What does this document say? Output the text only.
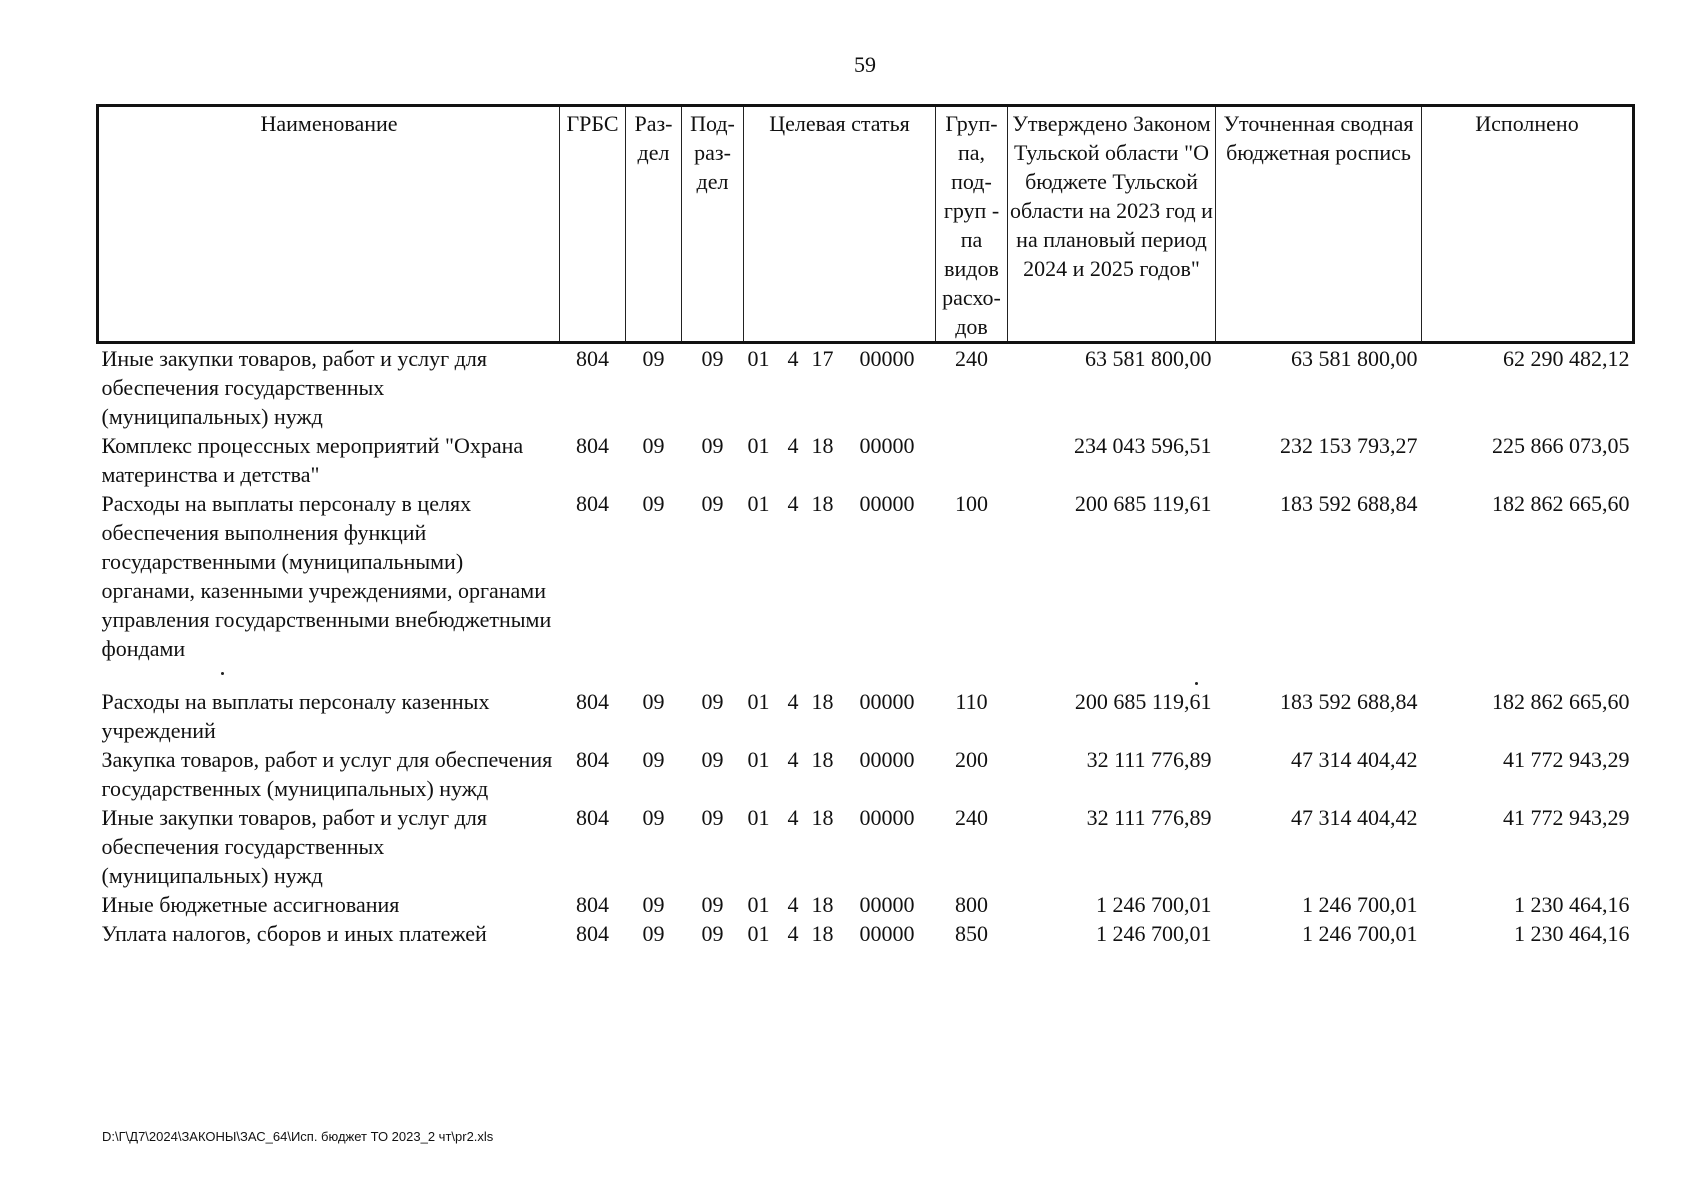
59
Наименование	ГРБС	Раз-дел	Под-раз-дел	Целевая статья	Груп-па, под-груп - па видов расхо-дов	Утверждено Законом Тульской области "О бюджете Тульской области на 2023 год и на плановый период 2024 и 2025 годов"	Уточненная сводная бюджетная роспись	Исполнено
Иные закупки товаров, работ и услуг для обеспечения государственных (муниципальных) нужд	804	09	09	01 4 17 00000	240	63 581 800,00	63 581 800,00	62 290 482,12
Комплекс процессных мероприятий "Охрана материнства и детства"	804	09	09	01 4 18 00000		234 043 596,51	232 153 793,27	225 866 073,05
Расходы на выплаты персоналу в целях обеспечения выполнения функций государственными (муниципальными) органами, казенными учреждениями, органами управления государственными внебюджетными фондами	804	09	09	01 4 18 00000	100	200 685 119,61	183 592 688,84	182 862 665,60

Расходы на выплаты персоналу казенных учреждений	804	09	09	01 4 18 00000	110	200 685 119,61	183 592 688,84	182 862 665,60
Закупка товаров, работ и услуг для обеспечения государственных (муниципальных) нужд	804	09	09	01 4 18 00000	200	32 111 776,89	47 314 404,42	41 772 943,29
Иные закупки товаров, работ и услуг для обеспечения государственных (муниципальных) нужд	804	09	09	01 4 18 00000	240	32 111 776,89	47 314 404,42	41 772 943,29
Иные бюджетные ассигнования	804	09	09	01 4 18 00000	800	1 246 700,01	1 246 700,01	1 230 464,16
Уплата налогов, сборов и иных платежей	804	09	09	01 4 18 00000	850	1 246 700,01	1 246 700,01	1 230 464,16
D:\Г\Д7\2024\ЗАКОНЫ\ЗАС_64\Исп. бюджет ТО 2023_2 чт\pr2.xls
